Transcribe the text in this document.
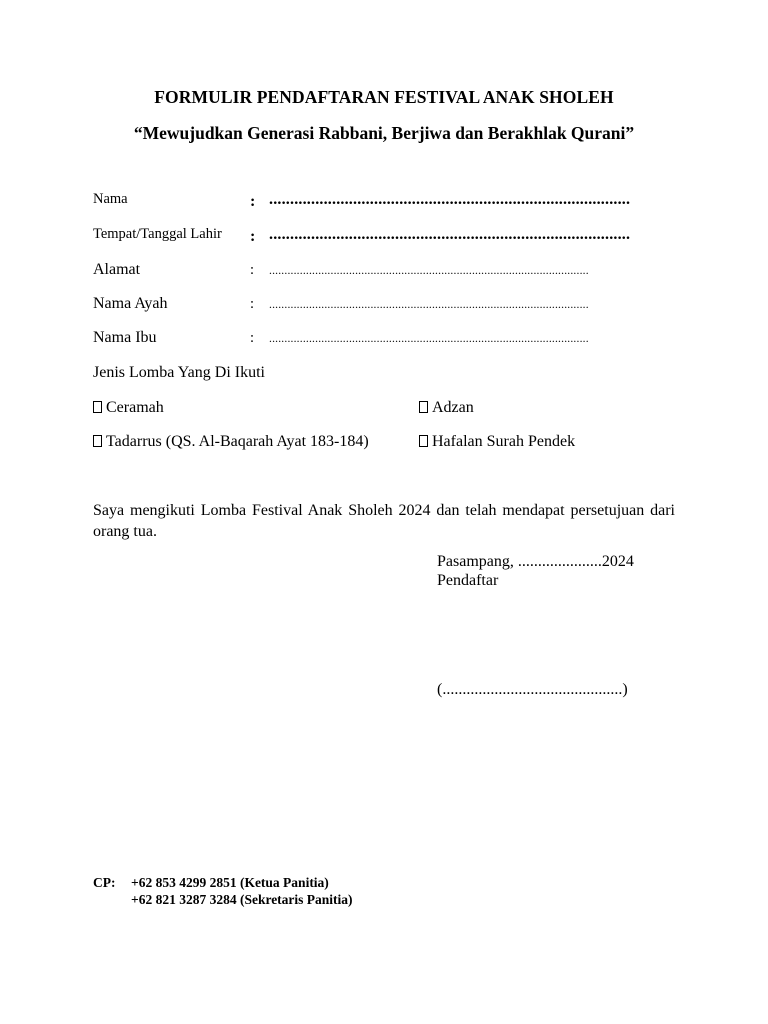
FORMULIR PENDAFTARAN FESTIVAL ANAK SHOLEH
“Mewujudkan Generasi Rabbani, Berjiwa dan Berakhlak Qurani”
Nama	: ......................................................................................
Tempat/Tanggal Lahir : ......................................................................................
Alamat	: ........................................................................................................
Nama Ayah	: ........................................................................................................
Nama Ibu	: ........................................................................................................
Jenis Lomba Yang Di Ikuti
Ceramah	Adzan
Tadarrus (QS. Al-Baqarah Ayat 183-184)	Hafalan Surah Pendek
Saya mengikuti Lomba Festival Anak Sholeh 2024 dan telah mendapat persetujuan dari orang tua.
Pasampang, .....................2024
Pendaftar
(.............................................)
CP: +62 853 4299 2851 (Ketua Panitia)
+62 821 3287 3284 (Sekretaris Panitia)
